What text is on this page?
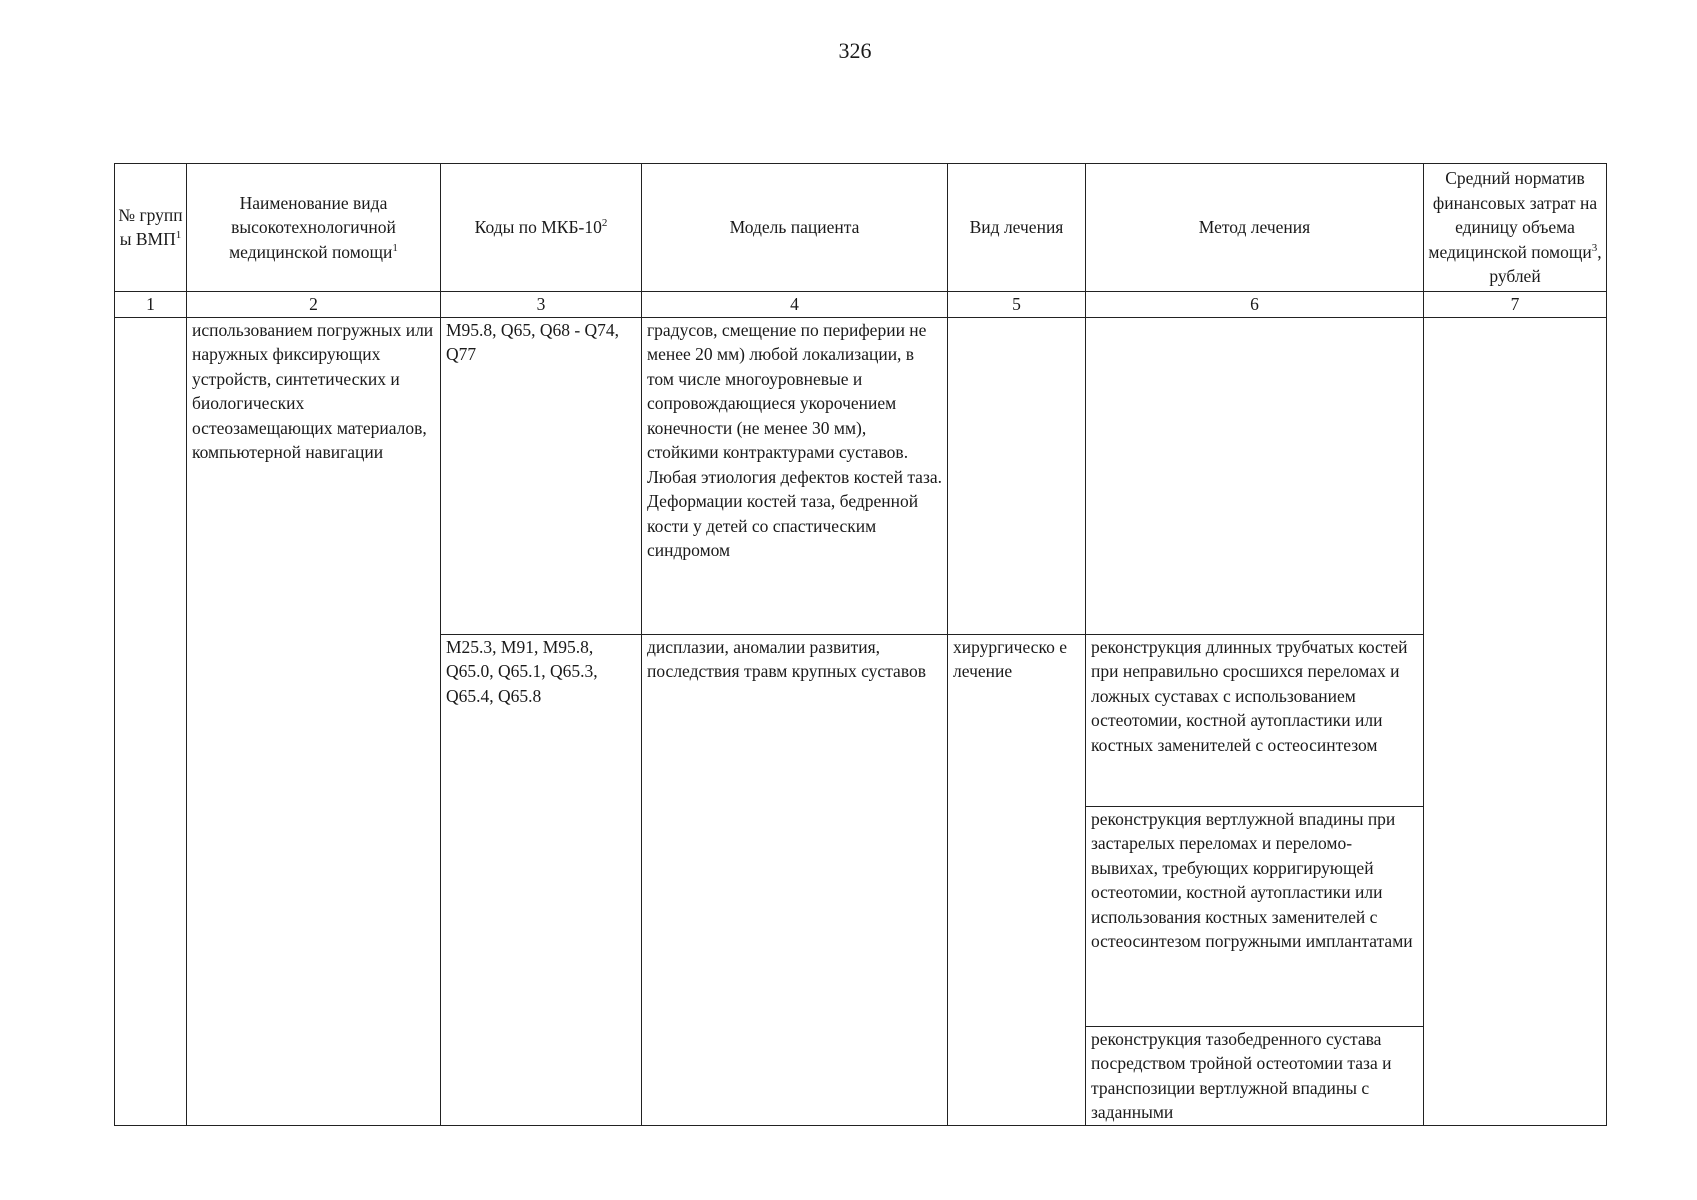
326
№ групп ы ВМП$^1$	Наименование вида высокотехнологичной медицинской помощи$^1$	Коды по МКБ-$10^2$	Модель пациента	Вид лечения	Метод лечения	Средний норматив финансовых затрат на единицу объема медицинской помощи$^3$, рублей
1	2	3	4	5	6	7
	использованием погружных или наружных фиксирующих устройств, синтетических и биологических остеозамещающих материалов, компьютерной навигации	M95.8, Q65, Q68 - Q74, Q77	градусов, смещение по периферии не менее 20 мм) любой локализации, в том числе многоуровневые и сопровождающиеся укорочением конечности (не менее 30 мм), стойкими контрактурами суставов. Любая этиология дефектов костей таза. Деформации костей таза, бедренной кости у детей со спастическим синдромом			
		M25.3, M91, M95.8, Q65.0, Q65.1, Q65.3, Q65.4, Q65.8	дисплазии, аномалии развития, последствия травм крупных суставов	хирургическо е лечение	реконструкция длинных трубчатых костей при неправильно сросшихся переломах и ложных суставах с использованием остеотомии, костной аутопластики или костных заменителей с остеосинтезом	
					реконструкция вертлужной впадины при застарелых переломах и переломо-вывихах, требующих корригирующей остеотомии, костной аутопластики или использования костных заменителей с остеосинтезом погружными имплантатами	
					реконструкция тазобедренного сустава посредством тройной остеотомии таза и транспозиции вертлужной впадины с заданными	
